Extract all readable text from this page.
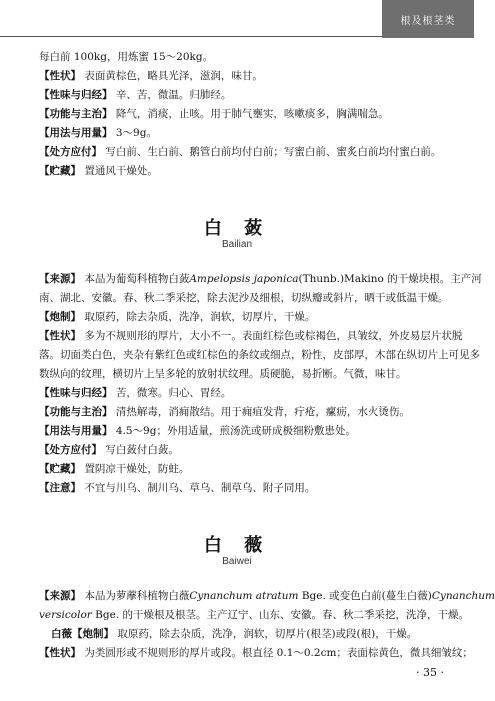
根及根茎类
每白前 100kg，用炼蜜 15～20kg。
【性状】 表面黄棕色，略具光泽，滋润，味甘。
【性味与归经】 辛、苦，微温。归肺经。
【功能与主治】 降气，消痰，止咳。用于肺气壅实，咳嗽痰多，胸满喘急。
【用法与用量】 3～9g。
【处方应付】 写白前、生白前、鹅管白前均付白前；写蜜白前、蜜炙白前均付蜜白前。
【贮藏】 置通风干燥处。
白 蔹
Bailian
【来源】 本品为葡萄科植物白蔹Ampelopsis japonica(Thunb.)Makino 的干燥块根。主产河
南、湖北、安徽。春、秋二季采挖，除去泥沙及细根，切纵瓣或斜片，晒干或低温干燥。
【炮制】 取原药，除去杂质，洗净，润软，切厚片，干燥。
【性状】 多为不规则形的厚片，大小不一。表面红棕色或棕褐色，具皱纹，外皮易层片状脱
落。切面类白色，夹杂有紫红色或红棕色的条纹或细点，粉性，皮部厚，木部在纵切片上可见多
数纵向的纹理，横切片上呈多轮的放射状纹理。质硬脆，易折断。气微，味甘。
【性味与归经】 苦，微寒。归心、胃经。
【功能与主治】 清热解毒，消痈散结。用于痈疽发背，疔疮，瘰疬，水火烫伤。
【用法与用量】 4.5～9g；外用适量，煎汤洗或研成极细粉敷患处。
【处方应付】 写白蔹付白蔹。
【贮藏】 置阴凉干燥处，防蛀。
【注意】 不宜与川乌、制川乌、草乌、制草乌、附子同用。
白 薇
Baiwei
【来源】 本品为萝藦科植物白薇Cynanchum atratum Bge. 或变色白前(蔓生白薇)Cynanchum
versicolor Bge. 的干燥根及根茎。主产辽宁、山东、安徽。春、秋二季采挖，洗净，干燥。
白薇【炮制】 取原药，除去杂质，洗净，润软，切厚片(根茎)或段(根)，干燥。
【性状】 为类圆形或不规则形的厚片或段。根直径 0.1～0.2cm；表面棕黄色，微具细皱纹；
· 35 ·
